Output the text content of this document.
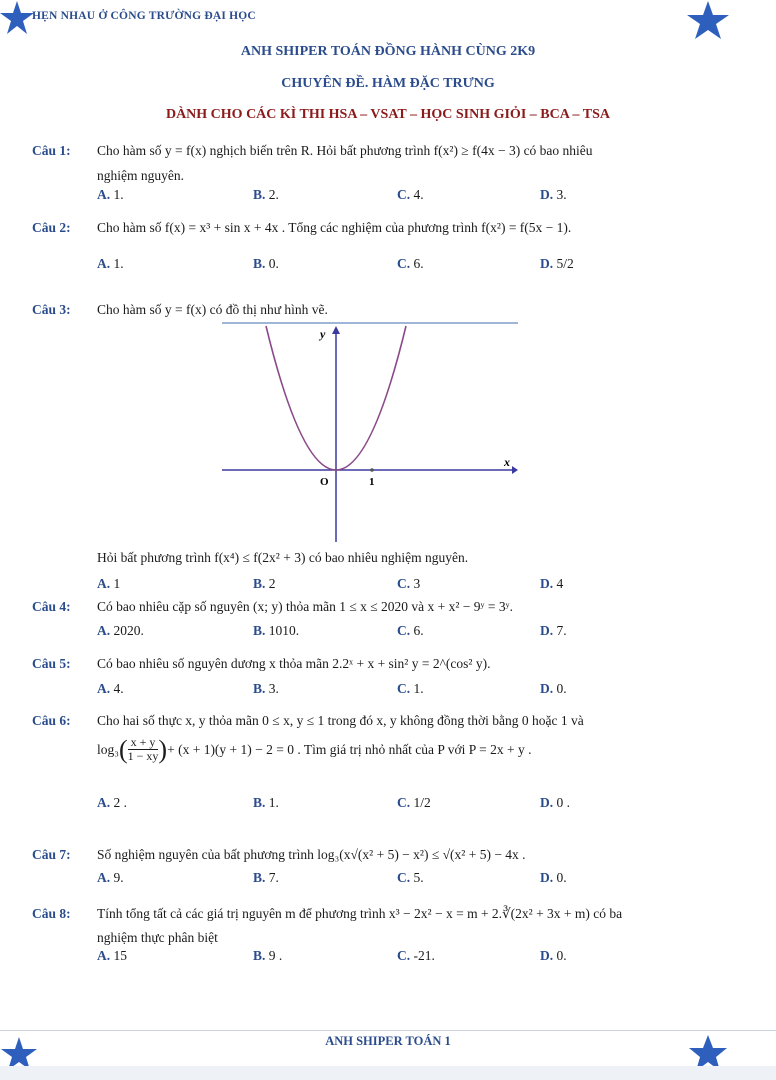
HẸN NHAU Ở CÔNG TRƯỜNG ĐẠI HỌC
ANH SHIPER TOÁN ĐỒNG HÀNH CÙNG 2K9
CHUYÊN ĐỀ. HÀM ĐẶC TRƯNG
DÀNH CHO CÁC KÌ THI HSA – VSAT – HỌC SINH GIỎI – BCA – TSA
Câu 1: Cho hàm số y = f(x) nghịch biến trên R. Hỏi bất phương trình f(x²) ≥ f(4x − 3) có bao nhiêu
nghiệm nguyên.
A. 1.	B. 2.	C. 4.	D. 3.
Câu 2: Cho hàm số f(x) = x³ + sin x + 4x . Tổng các nghiệm của phương trình f(x²) = f(5x − 1).
A. 1.	B. 0.	C. 6.	D. 5/2
Câu 3: Cho hàm số y = f(x) có đồ thị như hình vẽ.
y
x
O	1
Hỏi bất phương trình f(x⁴) ≤ f(2x² + 3) có bao nhiêu nghiệm nguyên.
A. 1	B. 2	C. 3	D. 4
Câu 4: Có bao nhiêu cặp số nguyên (x; y) thỏa mãn 1 ≤ x ≤ 2020 và x + x² − 9ʸ = 3ʸ.
A. 2020.	B. 1010.	C. 6.	D. 7.
Câu 5: Có bao nhiêu số nguyên dương x thỏa mãn 2.2ˣ + x + sin² y = 2^(cos² y).
A. 4.	B. 3.	C. 1.	D. 0.
Câu 6: Cho hai số thực x, y thỏa mãn 0 ≤ x, y ≤ 1 trong đó x, y không đồng thời bằng 0 hoặc 1 và
log₃ ( $\frac{x + y}{1 - xy}$ ) + (x + 1)(y + 1) − 2 = 0 . Tìm giá trị nhỏ nhất của P với P = 2x + y .
A. 2 .	B. 1.	C. 1/2	D. 0 .
Câu 7: Số nghiệm nguyên của bất phương trình log₃(x√(x² + 5) − x²) ≤ √(x² + 5) − 4x .
A. 9.	B. 7.	C. 5.	D. 0.
Câu 8: Tính tổng tất cả các giá trị nguyên m để phương trình x³ − 2x² − x = m + 2.∛(2x² + 3x + m) có ba
nghiệm thực phân biệt
A. 15	B. 9 .	C. -21.	D. 0.
ANH SHIPER TOÁN 1
